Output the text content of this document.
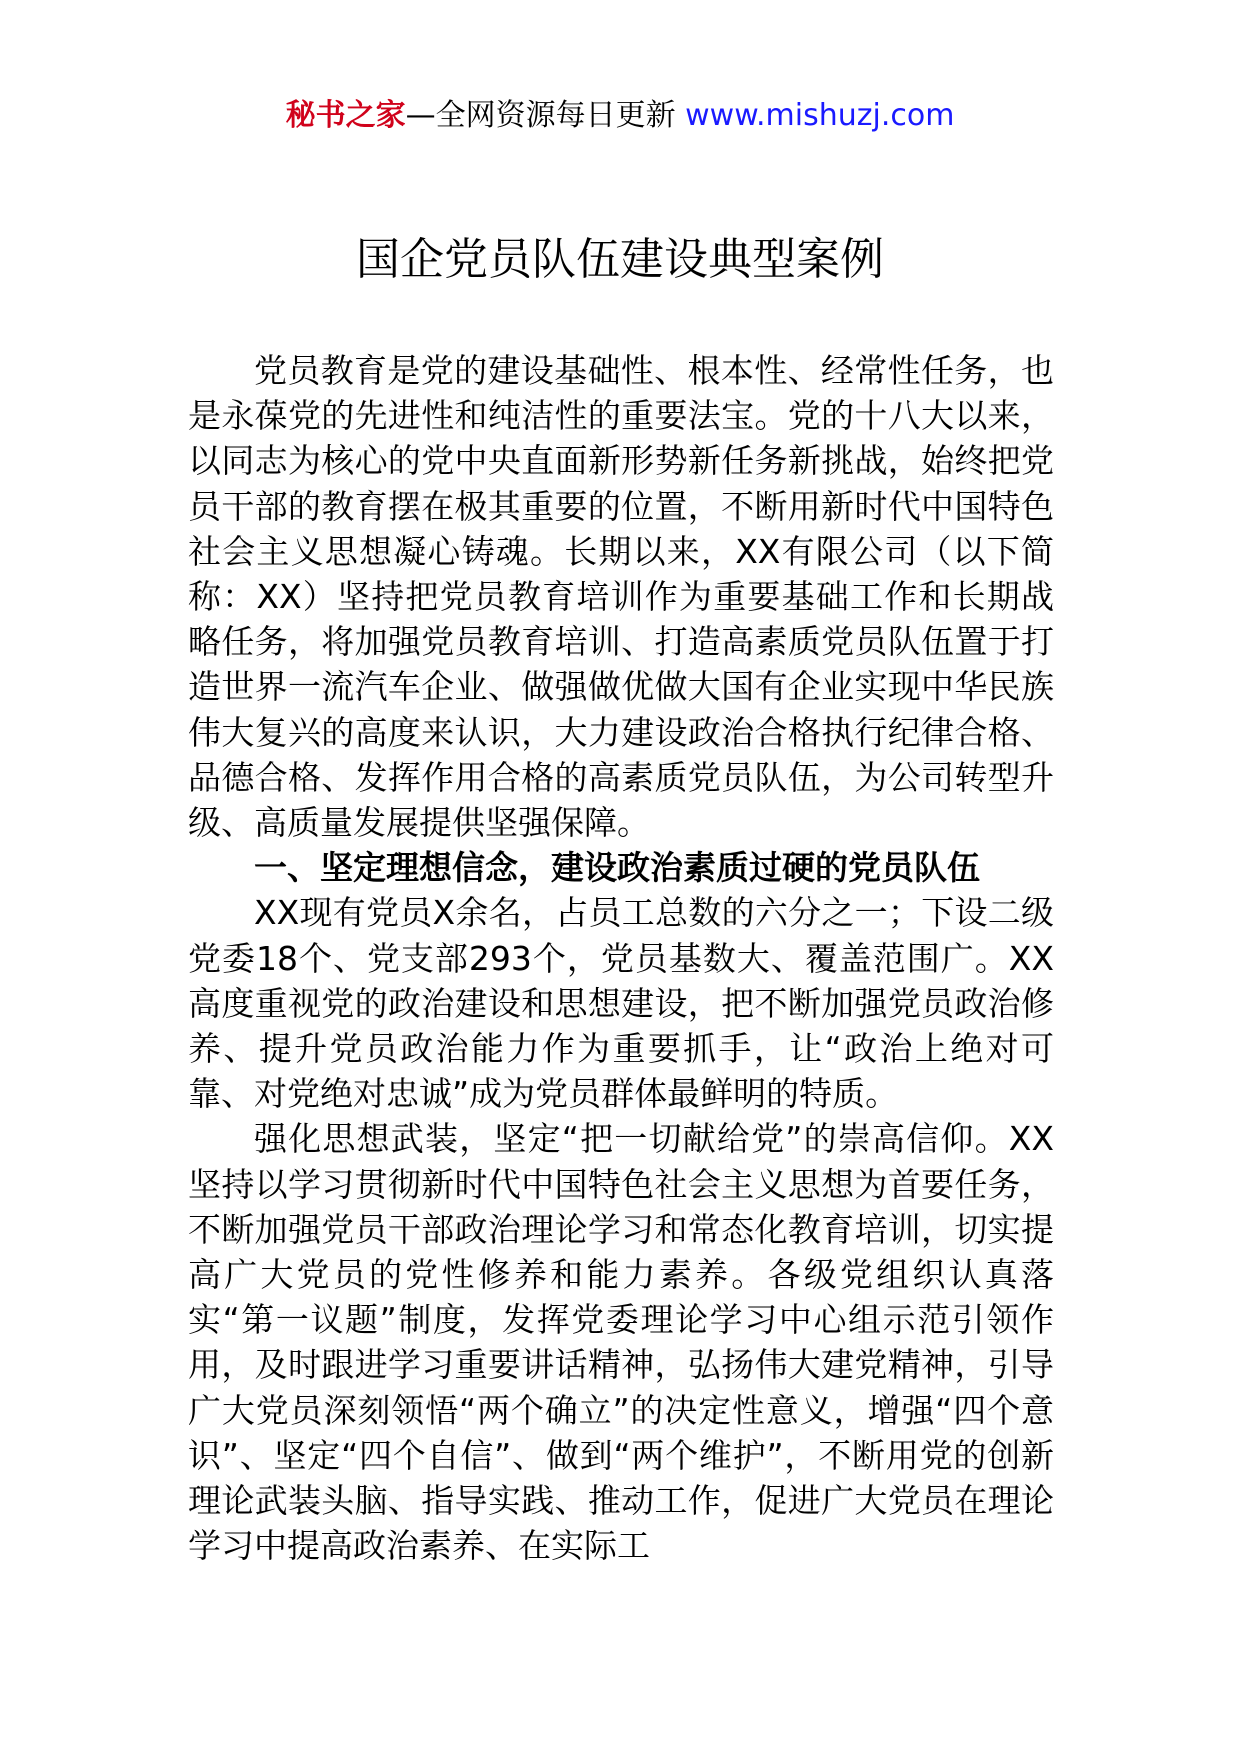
秘书之家—全网资源每日更新 www.mishuzj.com
国企党员队伍建设典型案例

党员教育是党的建设基础性、根本性、经常性任务，也是永葆党的先进性和纯洁性的重要法宝。党的十八大以来，以同志为核心的党中央直面新形势新任务新挑战，始终把党员干部的教育摆在极其重要的位置，不断用新时代中国特色社会主义思想凝心铸魂。长期以来，XX有限公司（以下简称：XX）坚持把党员教育培训作为重要基础工作和长期战略任务，将加强党员教育培训、打造高素质党员队伍置于打造世界一流汽车企业、做强做优做大国有企业实现中华民族伟大复兴的高度来认识，大力建设政治合格执行纪律合格、品德合格、发挥作用合格的高素质党员队伍，为公司转型升级、高质量发展提供坚强保障。

一、坚定理想信念，建设政治素质过硬的党员队伍

XX现有党员X余名，占员工总数的六分之一；下设二级党委18个、党支部293个，党员基数大、覆盖范围广。XX高度重视党的政治建设和思想建设，把不断加强党员政治修养、提升党员政治能力作为重要抓手，让“政治上绝对可靠、对党绝对忠诚”成为党员群体最鲜明的特质。

强化思想武装，坚定“把一切献给党”的崇高信仰。XX坚持以学习贯彻新时代中国特色社会主义思想为首要任务，不断加强党员干部政治理论学习和常态化教育培训，切实提高广大党员的党性修养和能力素养。各级党组织认真落实“第一议题”制度，发挥党委理论学习中心组示范引领作用，及时跟进学习重要讲话精神，弘扬伟大建党精神，引导广大党员深刻领悟“两个确立”的决定性意义，增强“四个意识”、坚定“四个自信”、做到“两个维护”，不断用党的创新理论武装头脑、指导实践、推动工作，促进广大党员在理论学习中提高政治素养、在实际工
